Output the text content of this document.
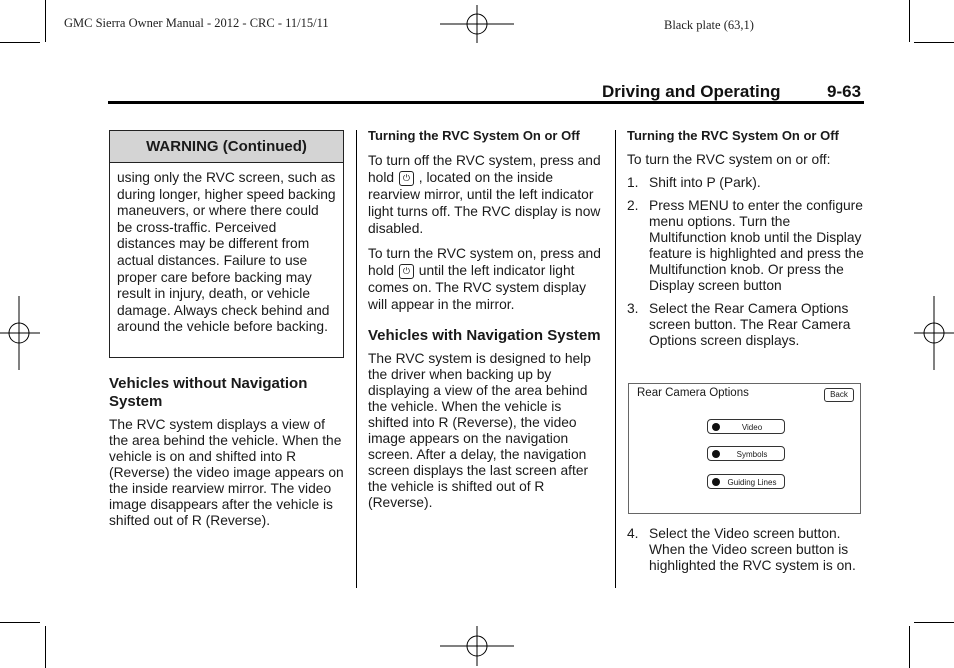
GMC Sierra Owner Manual - 2012 - CRC - 11/15/11	Black plate (63,1)
Driving and Operating	9-63
WARNING (Continued)
using only the RVC screen, such as during longer, higher speed backing maneuvers, or where there could be cross-traffic. Perceived distances may be different from actual distances. Failure to use proper care before backing may result in injury, death, or vehicle damage. Always check behind and around the vehicle before backing.
Vehicles without Navigation System

The RVC system displays a view of the area behind the vehicle. When the vehicle is on and shifted into R (Reverse) the video image appears on the inside rearview mirror. The video image disappears after the vehicle is shifted out of R (Reverse).

Turning the RVC System On or Off

To turn off the RVC system, press and hold ⏻ , located on the inside rearview mirror, until the left indicator light turns off. The RVC display is now disabled.

To turn the RVC system on, press and hold ⏻ until the left indicator light comes on. The RVC system display will appear in the mirror.

Vehicles with Navigation System

The RVC system is designed to help the driver when backing up by displaying a view of the area behind the vehicle. When the vehicle is shifted into R (Reverse), the video image appears on the navigation screen. After a delay, the navigation screen displays the last screen after the vehicle is shifted out of R (Reverse).

Turning the RVC System On or Off

To turn the RVC system on or off:

1. Shift into P (Park).
2. Press MENU to enter the configure menu options. Turn the Multifunction knob until the Display feature is highlighted and press the Multifunction knob. Or press the Display screen button
3. Select the Rear Camera Options screen button. The Rear Camera Options screen displays.
Rear Camera Options	Back
Video
Symbols
Guiding Lines
4. Select the Video screen button. When the Video screen button is highlighted the RVC system is on.
